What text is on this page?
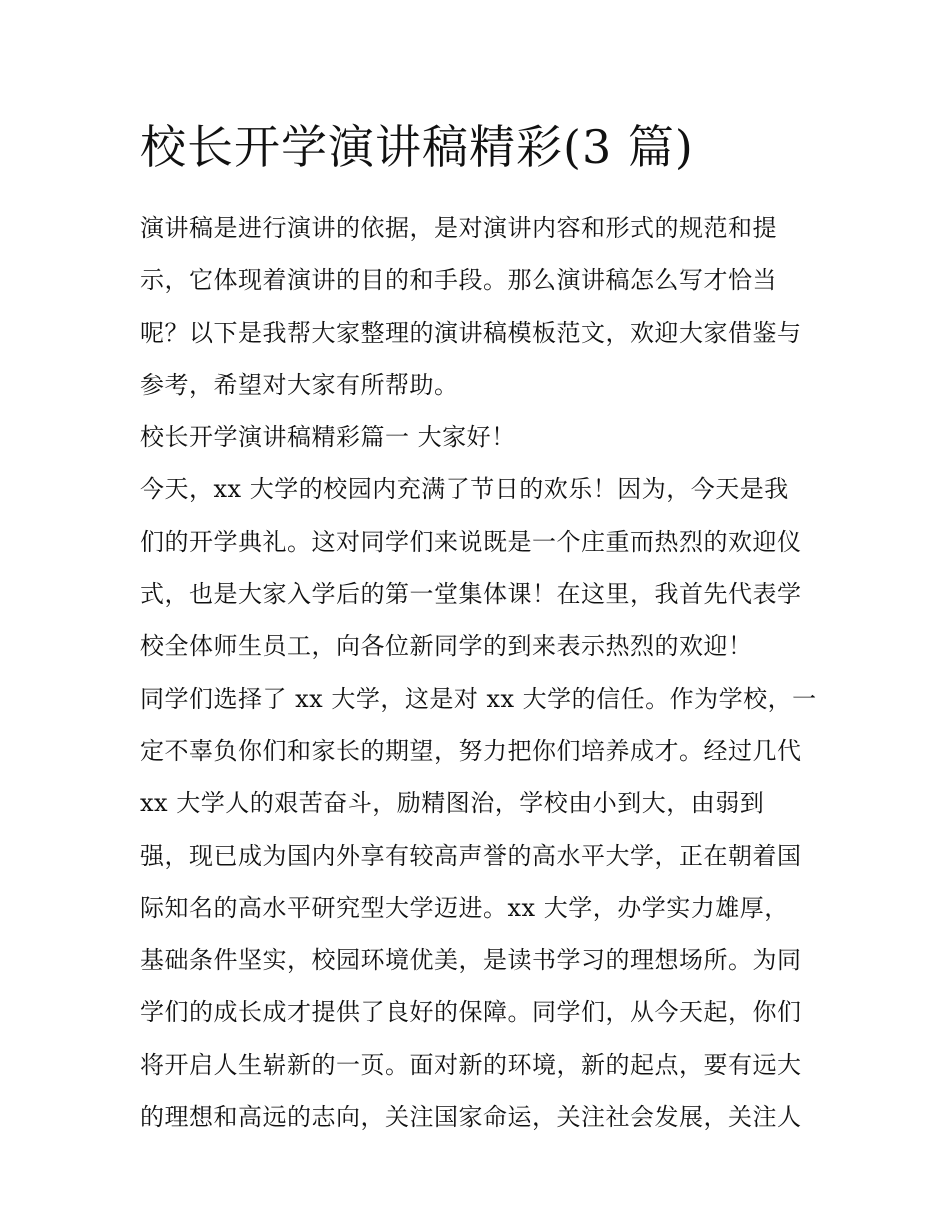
校长开学演讲稿精彩(3 篇)

演讲稿是进行演讲的依据，是对演讲内容和形式的规范和提
示，它体现着演讲的目的和手段。那么演讲稿怎么写才恰当
呢？以下是我帮大家整理的演讲稿模板范文，欢迎大家借鉴与
参考，希望对大家有所帮助。

校长开学演讲稿精彩篇一 大家好！

今天，xx 大学的校园内充满了节日的欢乐！因为，今天是我
们的开学典礼。这对同学们来说既是一个庄重而热烈的欢迎仪
式，也是大家入学后的第一堂集体课！在这里，我首先代表学
校全体师生员工，向各位新同学的到来表示热烈的欢迎！

同学们选择了 xx 大学，这是对 xx 大学的信任。作为学校，一
定不辜负你们和家长的期望，努力把你们培养成才。经过几代
xx 大学人的艰苦奋斗，励精图治，学校由小到大，由弱到
强，现已成为国内外享有较高声誉的高水平大学，正在朝着国
际知名的高水平研究型大学迈进。xx 大学，办学实力雄厚，
基础条件坚实，校园环境优美，是读书学习的理想场所。为同
学们的成长成才提供了良好的保障。同学们，从今天起，你们
将开启人生崭新的一页。面对新的环境，新的起点，要有远大
的理想和高远的志向，关注国家命运，关注社会发展，关注人
